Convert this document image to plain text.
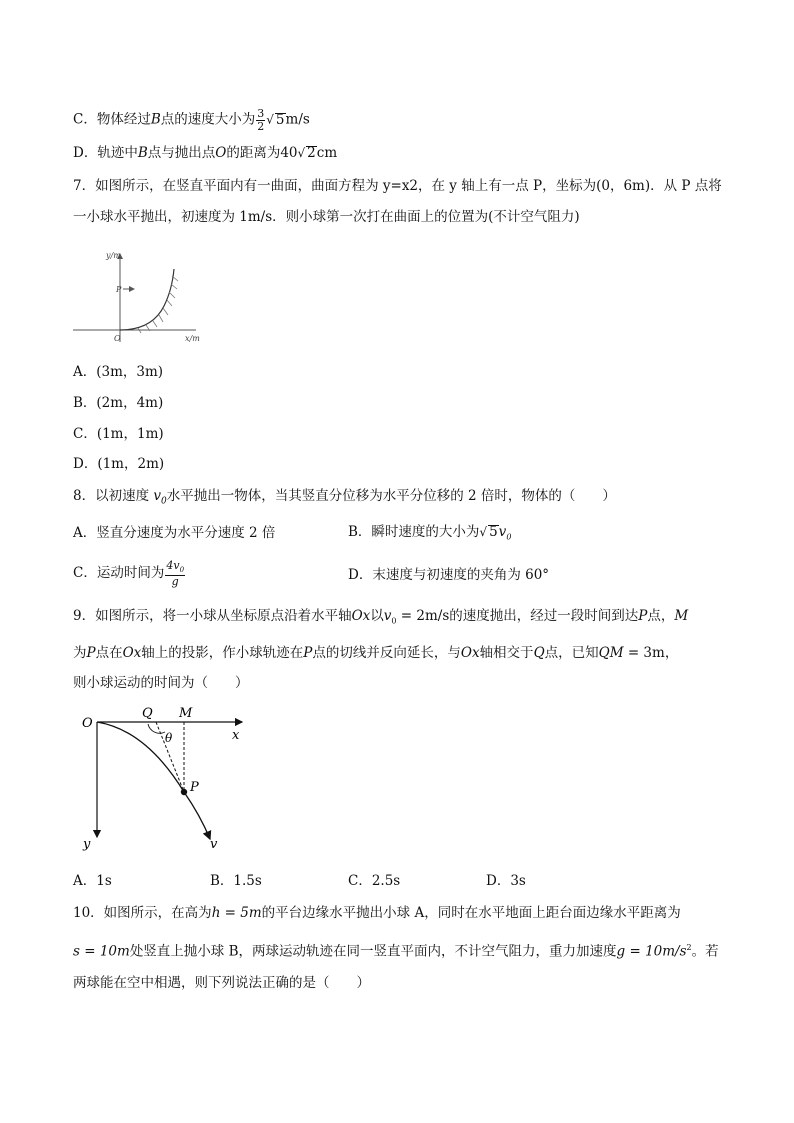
C．物体经过B点的速度大小为 $\frac{3}{2}$ √ 5m/s
D．轨迹中B点与抛出点O的距离为40√ 2cm
7．如图所示，在竖直平面内有一曲面，曲面方程为 y=x2，在 y 轴上有一点 P，坐标为(0，6m)．从 P 点将
一小球水平抛出，初速度为 1m/s．则小球第一次打在曲面上的位置为(不计空气阻力)
y/m
P
O	x/m
A．(3m，3m)
B．(2m，4m)
C．(1m，1m)
D．(1m，2m)
8．以初速度 $v_0$水平抛出一物体，当其竖直分位移为水平分位移的 2 倍时，物体的（　　）
A．竖直分速度为水平分速度 2 倍	B．瞬时速度的大小为√ $5v_0$
C．运动时间为 $\frac{4v_0}{g}$	D．末速度与初速度的夹角为 60°
9．如图所示，将一小球从坐标原点沿着水平轴Ox以$v_0 = 2m/s$的速度抛出，经过一段时间到达P点，M
为P点在Ox轴上的投影，作小球轨迹在P点的切线并反向延长，与Ox轴相交于Q点，已知QM = 3m，
则小球运动的时间为（　　）
O
Q M
x
θ
P
y	v
A．1s	B．1.5s	C．2.5s	D．3s
10．如图所示，在高为h = 5m的平台边缘水平抛出小球 A，同时在水平地面上距台面边缘水平距离为
s = 10m处竖直上抛小球 B，两球运动轨迹在同一竖直平面内，不计空气阻力，重力加速度$g = 10m/s^2$。若
两球能在空中相遇，则下列说法正确的是（　　）
